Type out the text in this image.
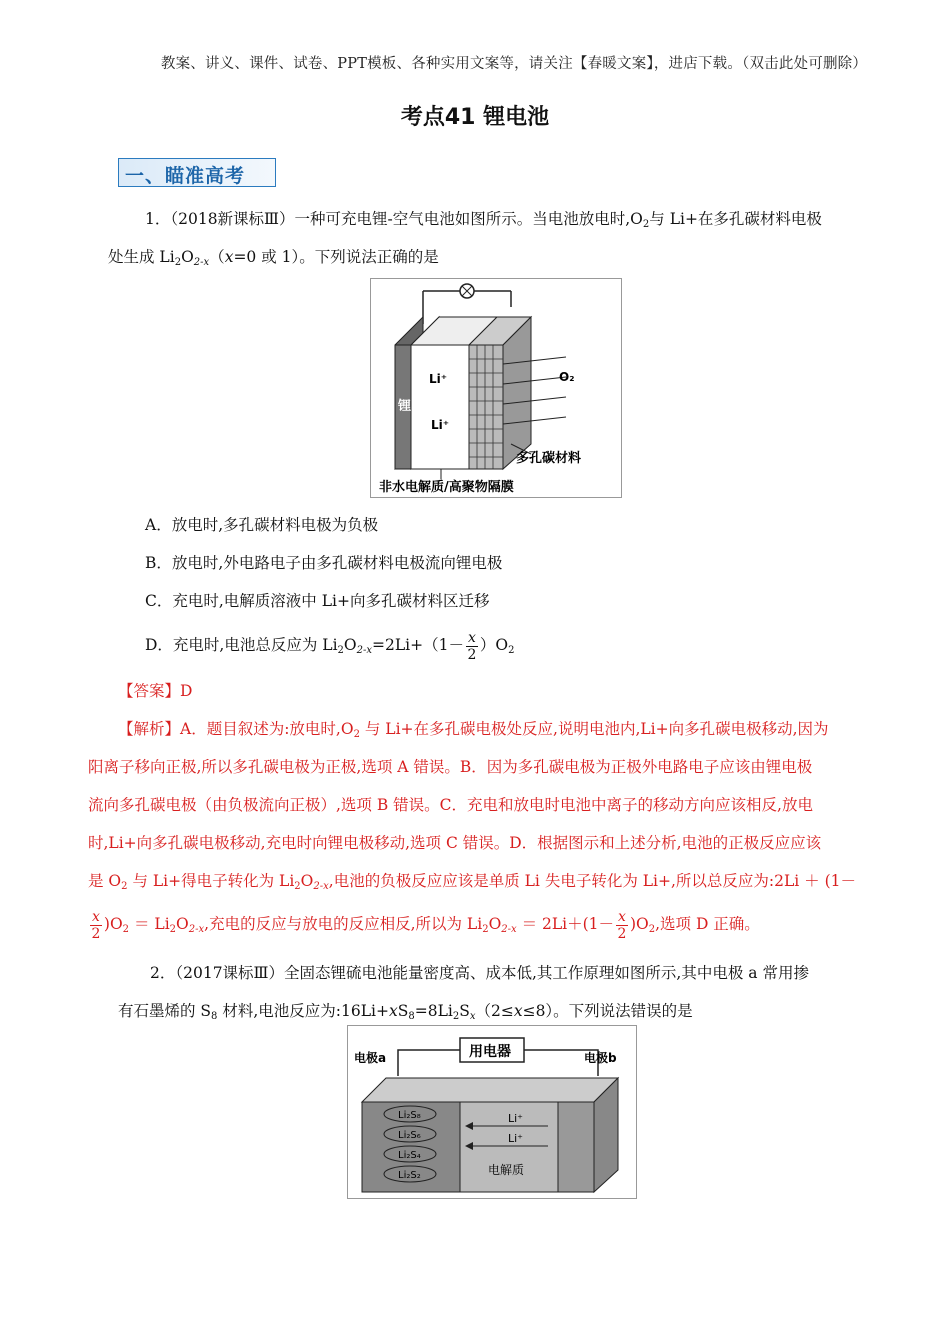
教案、讲义、课件、试卷、PPT模板、各种实用文案等，请关注【春暖文案】，进店下载。（双击此处可删除）
考点41 锂电池
一、瞄准高考
1．（2018新课标Ⅲ）一种可充电锂-空气电池如图所示。当电池放电时$,O_2$与 Li+在多孔碳材料电极
处生成 $Li_2O_{2-x}(x=0$ 或 1）。下列说法正确的是
Li⁺
Li⁺
锂
O₂
多孔碳材料
非水电解质/高聚物隔膜
A．放电时,多孔碳材料电极为负极
B．放电时,外电路电子由多孔碳材料电极流向锂电极
C．充电时,电解质溶液中 Li+向多孔碳材料区迁移
D．充电时,电池总反应为 $Li_2O_{2-x}=2Li+(1- \frac{x}{2} )O_2$
【答案】D
【解析】A．题目叙述为:放电时$,O_2$ 与 Li+在多孔碳电极处反应,说明电池内,Li+向多孔碳电极移动,因为
阳离子移向正极,所以多孔碳电极为正极,选项 A 错误。B．因为多孔碳电极为正极外电路电子应该由锂电极
流向多孔碳电极（由负极流向正极）,选项 B 错误。C．充电和放电时电池中离子的移动方向应该相反,放电
时,Li+向多孔碳电极移动,充电时向锂电极移动,选项 C 错误。D．根据图示和上述分析,电池的正极反应应该
是 $O_2$ 与 Li+得电子转化为 $Li_2O_{2-x}$,电池的负极反应应该是单质 Li 失电子转化为 Li+,所以总反应为:2Li ＋ (1－
$\frac{x}{2} )O_2 = Li_2O_{2-x}$,充电的反应与放电的反应相反,所以为 $Li_2O_{2-x} = 2Li+(1- \frac{x}{2} )O_2$,选项 D 正确。
2．（2017课标Ⅲ）全固态锂硫电池能量密度高、成本低,其工作原理如图所示,其中电极 a 常用掺
有石墨烯的 $S_8$ 材料,电池反应为$:16Li+xS_8=8Li_2S_x(2\le x\le 8)$。下列说法错误的是
用电器
电极a	电极b
Li₂S₈
Li₂S₆
Li₂S₄
Li₂S₂
Li⁺
Li⁺
电解质
